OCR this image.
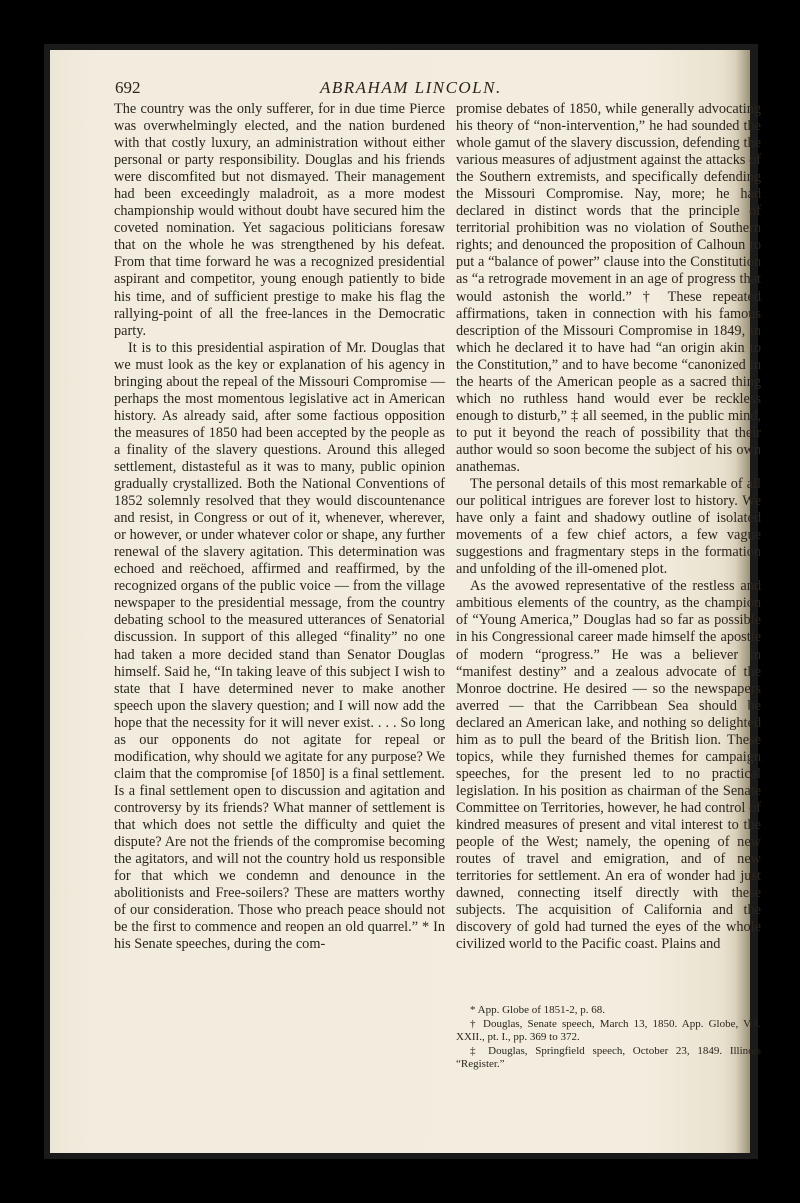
692	ABRAHAM LINCOLN.

The country was the only sufferer, for in due time Pierce was overwhelmingly elected, and the nation burdened with that costly luxury, an administration without either personal or party responsibility. Douglas and his friends were discomfited but not dismayed. Their management had been exceedingly maladroit, as a more modest championship would without doubt have secured him the coveted nomination. Yet sagacious politicians foresaw that on the whole he was strengthened by his defeat. From that time forward he was a recognized presidential aspirant and competitor, young enough patiently to bide his time, and of sufficient prestige to make his flag the rallying-point of all the free-lances in the Democratic party.

It is to this presidential aspiration of Mr. Douglas that we must look as the key or explanation of his agency in bringing about the repeal of the Missouri Compromise — perhaps the most momentous legislative act in American history. As already said, after some factious opposition the measures of 1850 had been accepted by the people as a finality of the slavery questions. Around this alleged settlement, distasteful as it was to many, public opinion gradually crystallized. Both the National Conventions of 1852 solemnly resolved that they would discountenance and resist, in Congress or out of it, whenever, wherever, or however, or under whatever color or shape, any further renewal of the slavery agitation. This determination was echoed and reëchoed, affirmed and reaffirmed, by the recognized organs of the public voice — from the village newspaper to the presidential message, from the country debating school to the measured utterances of Senatorial discussion. In support of this alleged “finality” no one had taken a more decided stand than Senator Douglas himself. Said he, “In taking leave of this subject I wish to state that I have determined never to make another speech upon the slavery question; and I will now add the hope that the necessity for it will never exist. . . . So long as our opponents do not agitate for repeal or modification, why should we agitate for any purpose? We claim that the compromise [of 1850] is a final settlement. Is a final settlement open to discussion and agitation and controversy by its friends? What manner of settlement is that which does not settle the difficulty and quiet the dispute? Are not the friends of the compromise becoming the agitators, and will not the country hold us responsible for that which we condemn and denounce in the abolitionists and Free-soilers? These are matters worthy of our consideration. Those who preach peace should not be the first to commence and reopen an old quarrel.” * In his Senate speeches, during the com-

promise debates of 1850, while generally advocating his theory of “non-intervention,” he had sounded the whole gamut of the slavery discussion, defending the various measures of adjustment against the attacks of the Southern extremists, and specifically defending the Missouri Compromise. Nay, more; he had declared in distinct words that the principle of territorial prohibition was no violation of Southern rights; and denounced the proposition of Calhoun to put a “balance of power” clause into the Constitution as “a retrograde movement in an age of progress that would astonish the world.” † These repeated affirmations, taken in connection with his famous description of the Missouri Compromise in 1849, in which he declared it to have had “an origin akin to the Constitution,” and to have become “canonized in the hearts of the American people as a sacred thing which no ruthless hand would ever be reckless enough to disturb,” ‡ all seemed, in the public mind, to put it beyond the reach of possibility that their author would so soon become the subject of his own anathemas.

The personal details of this most remarkable of all our political intrigues are forever lost to history. We have only a faint and shadowy outline of isolated movements of a few chief actors, a few vague suggestions and fragmentary steps in the formation and unfolding of the ill-omened plot.

As the avowed representative of the restless and ambitious elements of the country, as the champion of “Young America,” Douglas had so far as possible in his Congressional career made himself the apostle of modern “progress.” He was a believer in “manifest destiny” and a zealous advocate of the Monroe doctrine. He desired — so the newspapers averred — that the Carribbean Sea should be declared an American lake, and nothing so delighted him as to pull the beard of the British lion. These topics, while they furnished themes for campaign speeches, for the present led to no practical legislation. In his position as chairman of the Senate Committee on Territories, however, he had control of kindred measures of present and vital interest to the people of the West; namely, the opening of new routes of travel and emigration, and of new territories for settlement. An era of wonder had just dawned, connecting itself directly with these subjects. The acquisition of California and the discovery of gold had turned the eyes of the whole civilized world to the Pacific coast. Plains and

* App. Globe of 1851-2, p. 68.

† Douglas, Senate speech, March 13, 1850. App. Globe, Vol. XXII., pt. I., pp. 369 to 372.

‡ Douglas, Springfield speech, October 23, 1849. Illinois “Register.”
